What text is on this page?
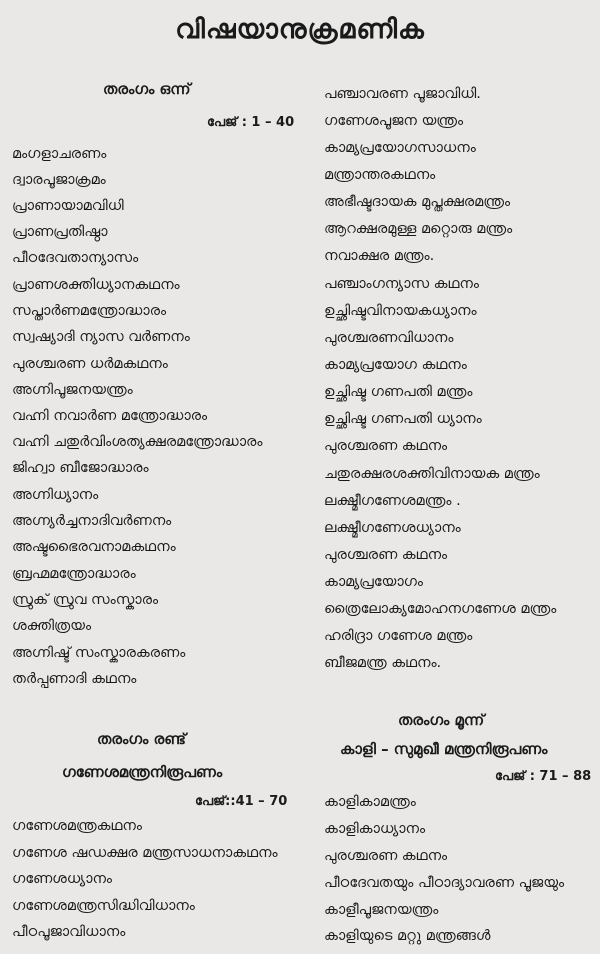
വിഷയാനുക്രമണിക
തരംഗം ഒന്ന്
പേജ് : 1 – 40
മംഗളാചരണം
ദ്വാരപൂജാക്രമം
പ്രാണായാമവിധി
പ്രാണപ്രതിഷ്ഠാ
പീഠദേവതാന്യാസം
പ്രാണശക്തിധ്യാനകഥനം
സപ്താർണമന്ത്രോദ്ധാരം
സ്വഷ്യാദി ന്യാസ വർണനം
പുരശ്ചരണ ധർമകഥനം
അഗ്നിപൂജനയന്ത്രം
വഹ്നി നവാർണ മന്ത്രോദ്ധാരം
വഹ്നി ചതുർവിംശത്യക്ഷരമന്ത്രോദ്ധാരം
ജിഹ്വാ ബീജോദ്ധാരം
അഗ്നിധ്യാനം
അഗ്ന്യർച്ചനാദിവർണനം
അഷ്ടഭൈരവനാമകഥനം
ബ്രഹ്മമന്ത്രോദ്ധാരം
സ്രുക് സ്രുവ സംസ്കാരം
ശക്തിത്രയം
അഗ്നിഷ്ട് സംസ്കാരകരണം
തർപ്പണാദി കഥനം
തരംഗം രണ്ട്
ഗണേശമന്ത്രനിരൂപണം
പേജ്::41 – 70
ഗണേശമന്ത്രകഥനം
ഗണേശ ഷഡക്ഷര മന്ത്രസാധനാകഥനം
ഗണേശധ്യാനം
ഗണേശമന്ത്രസിദ്ധിവിധാനം
പീഠപൂജാവിധാനം
പഞ്ചാവരണ പൂജാവിധി.
ഗണേശപൂജന യന്ത്രം
കാമ്യപ്രയോഗസാധനം
മന്ത്രാന്തരകഥനം
അഭീഷ്ടദായക മുപ്തക്ഷരമന്ത്രം
ആറക്ഷരമുള്ള മറ്റൊരു മന്ത്രം
നവാക്ഷര മന്ത്രം.
പഞ്ചാംഗന്യാസ കഥനം
ഉച്ഛിഷ്ടവിനായകധ്യാനം
പുരശ്ചരണവിധാനം
കാമ്യപ്രയോഗ കഥനം
ഉച്ഛിഷ്ട ഗണപതി മന്ത്രം
ഉച്ഛിഷ്ട ഗണപതി ധ്യാനം
പുരശ്ചരണ കഥനം
ചതുരക്ഷരശക്തിവിനായക മന്ത്രം
ലക്ഷ്മീഗണേശമന്ത്രം .
ലക്ഷ്മീഗണേശധ്യാനം
പുരശ്ചരണ കഥനം
കാമ്യപ്രയോഗം
ത്രൈലോക്യമോഹനഗണേശ മന്ത്രം
ഹരിദ്രാ ഗണേശ മന്ത്രം
ബീജമന്ത്ര കഥനം.
തരംഗം മൂന്ന്
കാളി – സുമുഖീ മന്ത്രനിരൂപണം
പേജ് : 71 – 88
കാളികാമന്ത്രം
കാളികാധ്യാനം
പുരശ്ചരണ കഥനം
പീഠദേവതയും പീഠാദ്യാവരണ പൂജയും
കാളീപൂജനയന്ത്രം
കാളിയുടെ മറ്റു മന്ത്രങ്ങൾ
